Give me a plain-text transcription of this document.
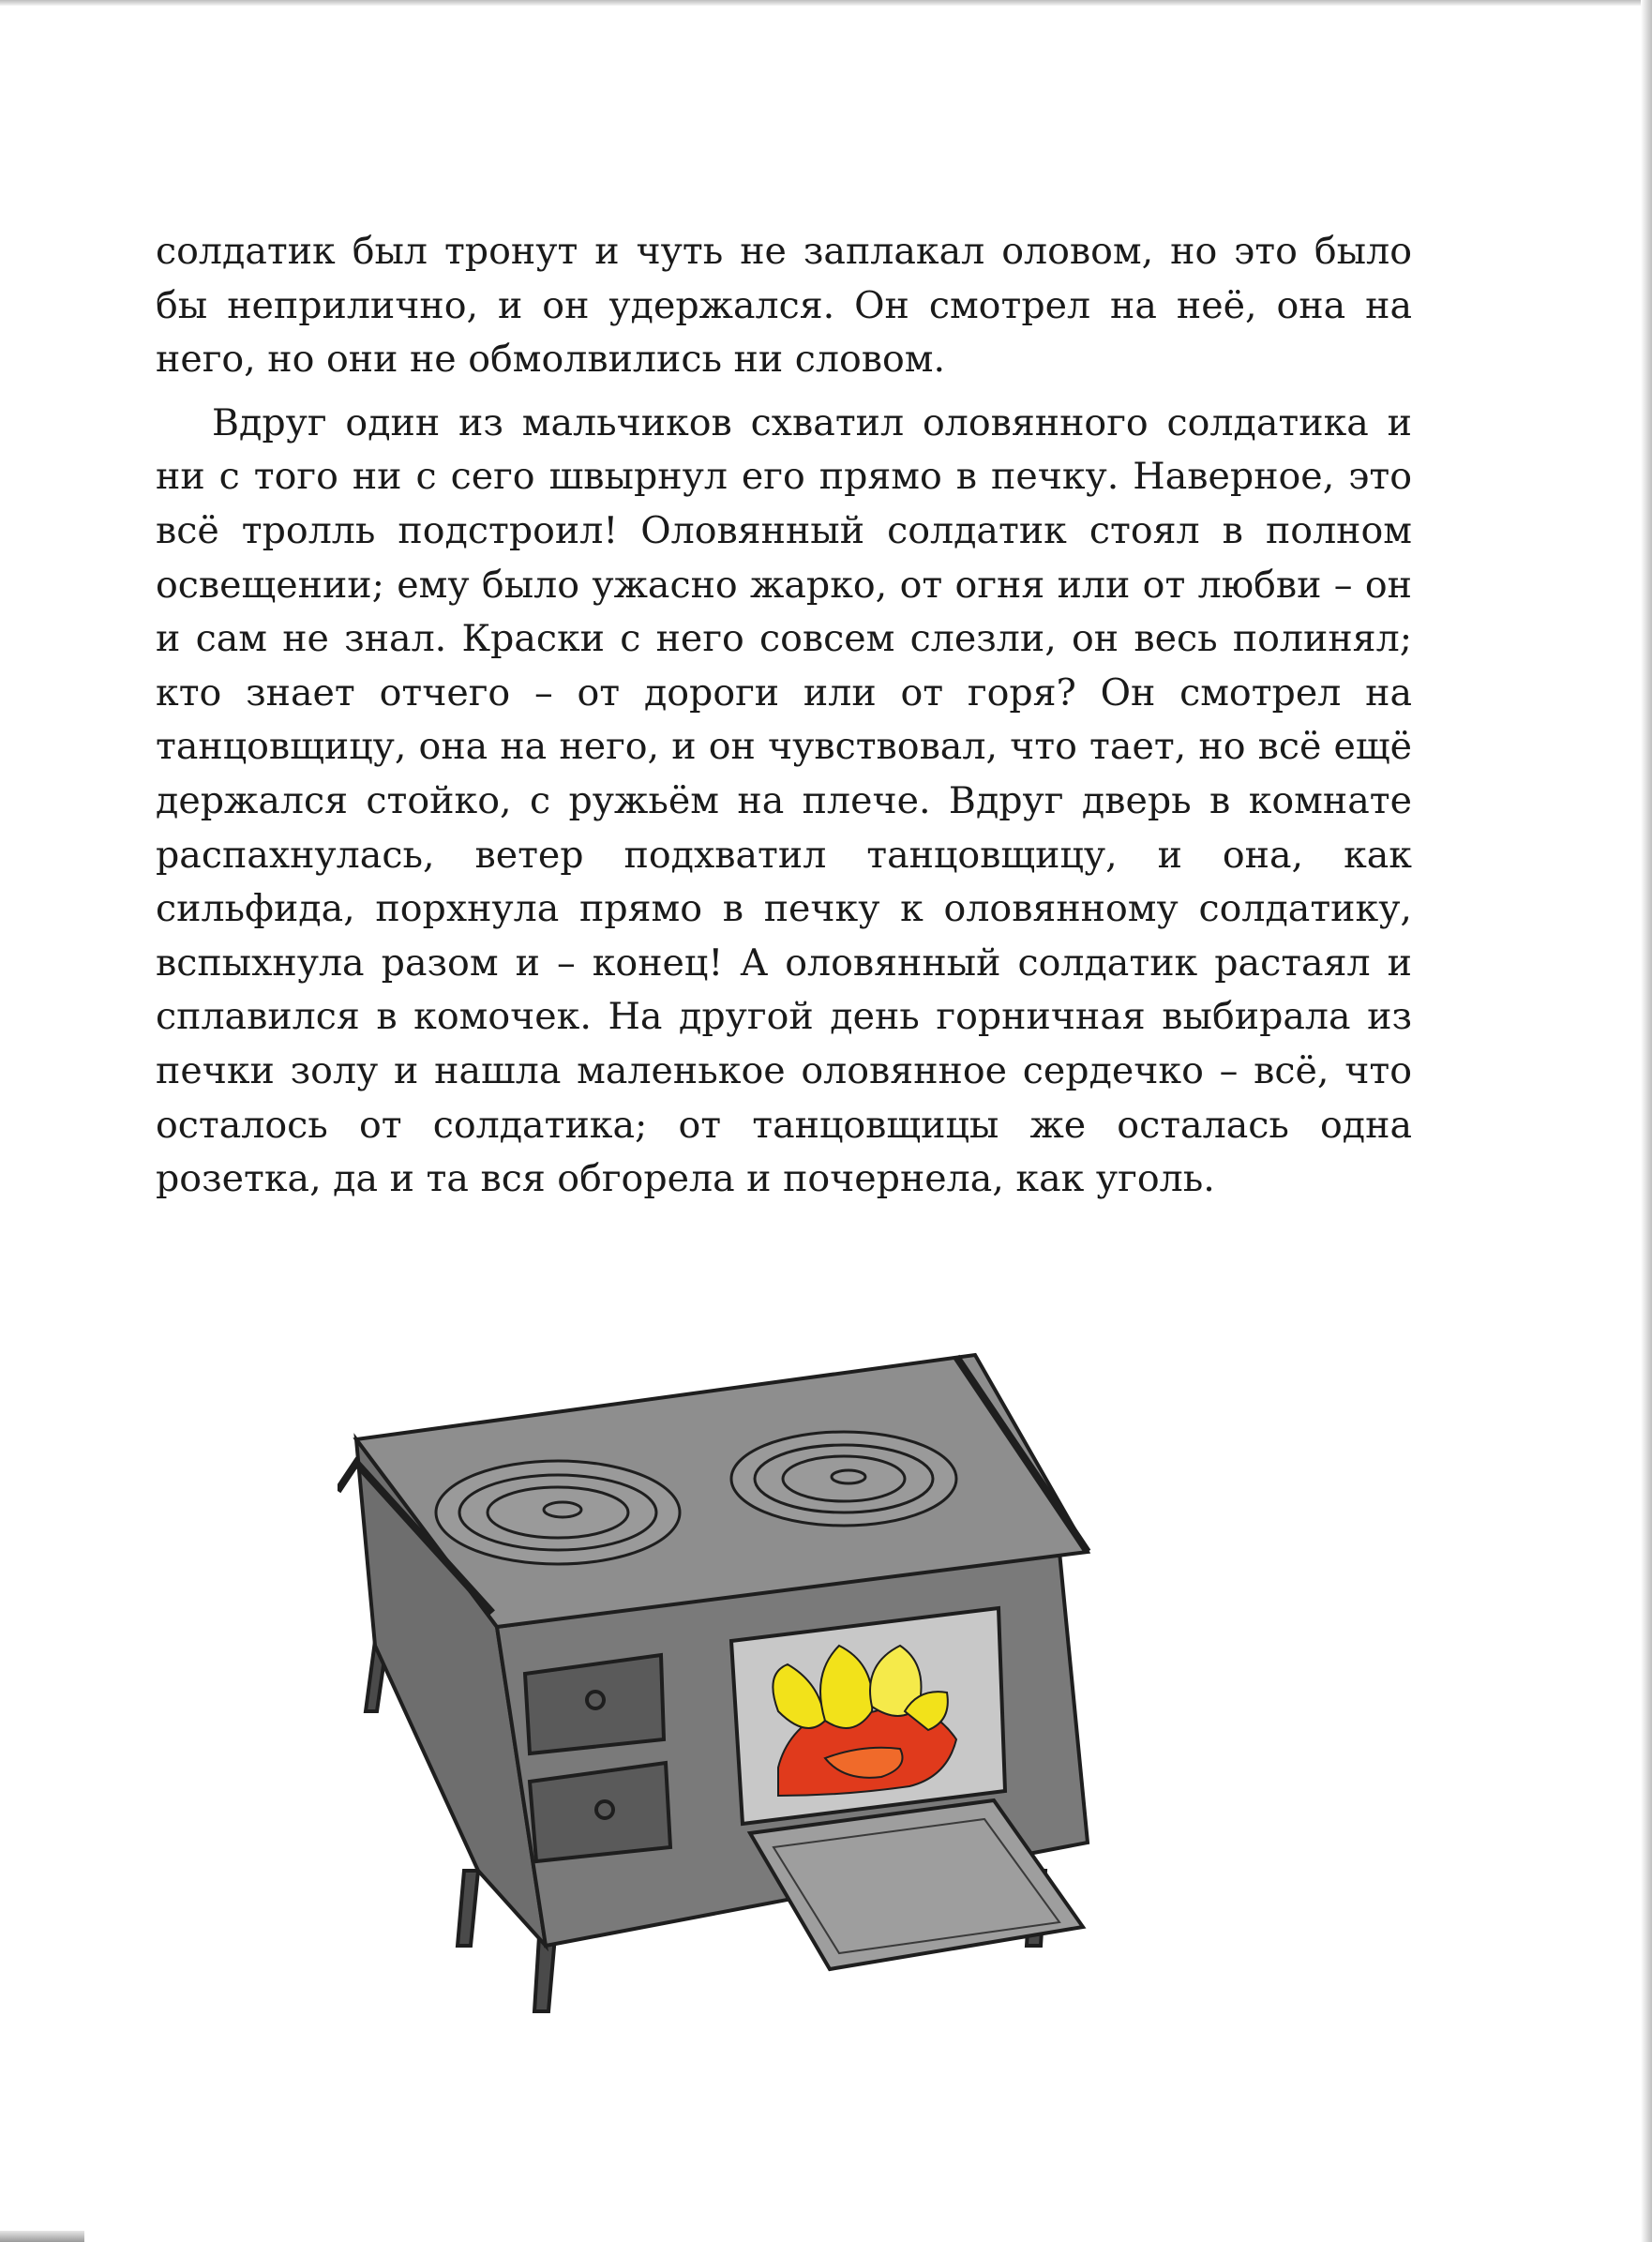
солдатик был тронут и чуть не заплакал оловом, но это было бы неприлично, и он удержался. Он смотрел на неё, она на него, но они не обмолвились ни словом.

Вдруг один из мальчиков схватил оловянного солдатика и ни с того ни с сего швырнул его прямо в печку. Наверное, это всё тролль подстроил! Оловянный солдатик стоял в полном освещении; ему было ужасно жарко, от огня или от любви – он и сам не знал. Краски с него совсем слезли, он весь полинял; кто знает отчего – от дороги или от горя? Он смотрел на танцовщицу, она на него, и он чувствовал, что тает, но всё ещё держался стойко, с ружьём на плече. Вдруг дверь в комнате распахнулась, ветер подхватил танцовщицу, и она, как сильфида, порхнула прямо в печку к оловянному солдатику, вспыхнула разом и – конец! А оловянный солдатик растаял и сплавился в комочек. На другой день горничная выбирала из печки золу и нашла маленькое оловянное сердечко – всё, что осталось от солдатика; от танцовщицы же осталась одна розетка, да и та вся обгорела и почернела, как уголь.
